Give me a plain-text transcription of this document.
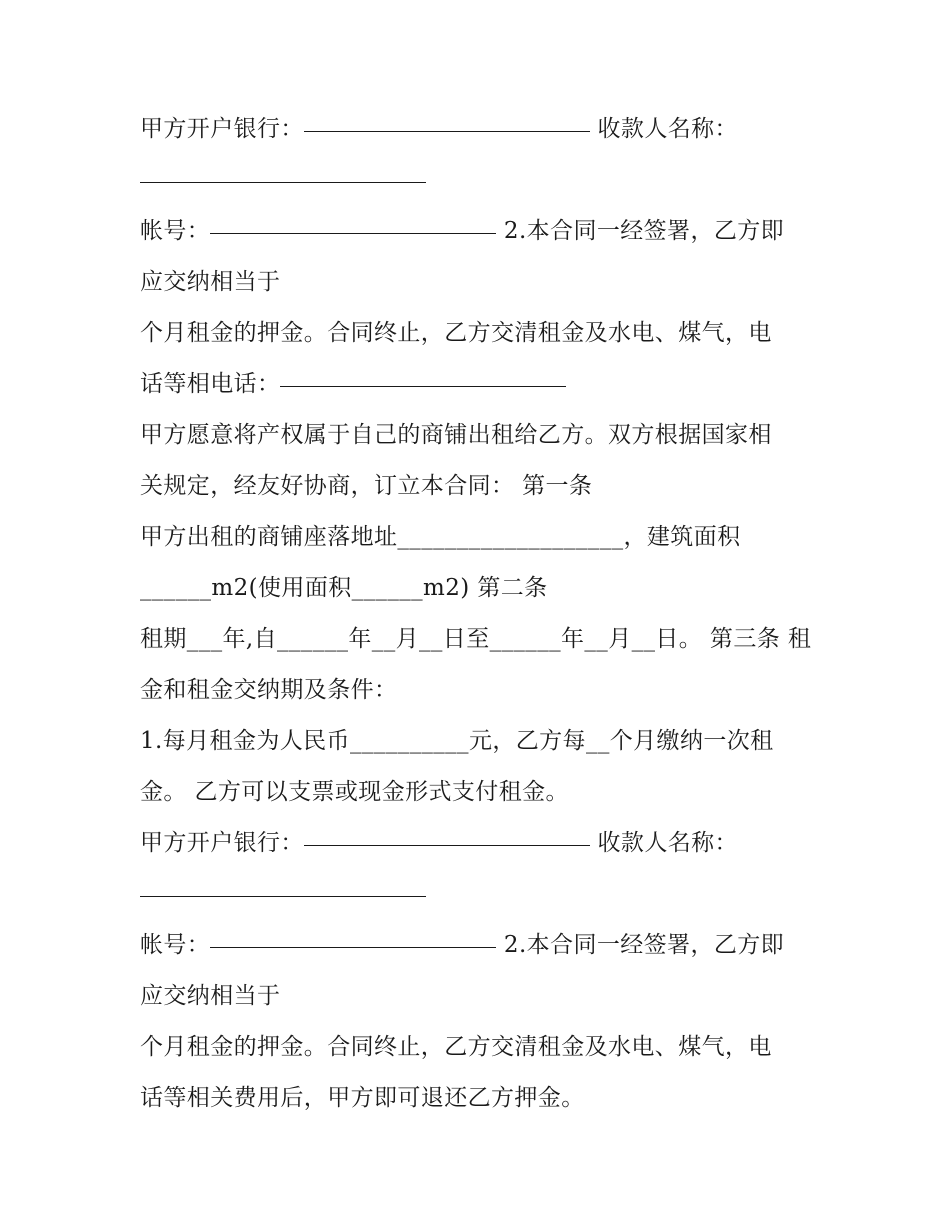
甲方开户银行：	收款人名称：
帐号：	2.本合同一经签署，乙方即
应交纳相当于
个月租金的押金。合同终止，乙方交清租金及水电、煤气，电
话等相电话：
甲方愿意将产权属于自己的商铺出租给乙方。双方根据国家相
关规定，经友好协商，订立本合同： 第一条
甲方出租的商铺座落地址___________________，建筑面积
______m2(使用面积______m2) 第二条
租期___年,自______年__月__日至______年__月__日。 第三条 租
金和租金交纳期及条件：
1.每月租金为人民币__________元，乙方每__个月缴纳一次租
金。 乙方可以支票或现金形式支付租金。
甲方开户银行：	收款人名称：
帐号：	2.本合同一经签署，乙方即
应交纳相当于
个月租金的押金。合同终止，乙方交清租金及水电、煤气，电
话等相关费用后，甲方即可退还乙方押金。
